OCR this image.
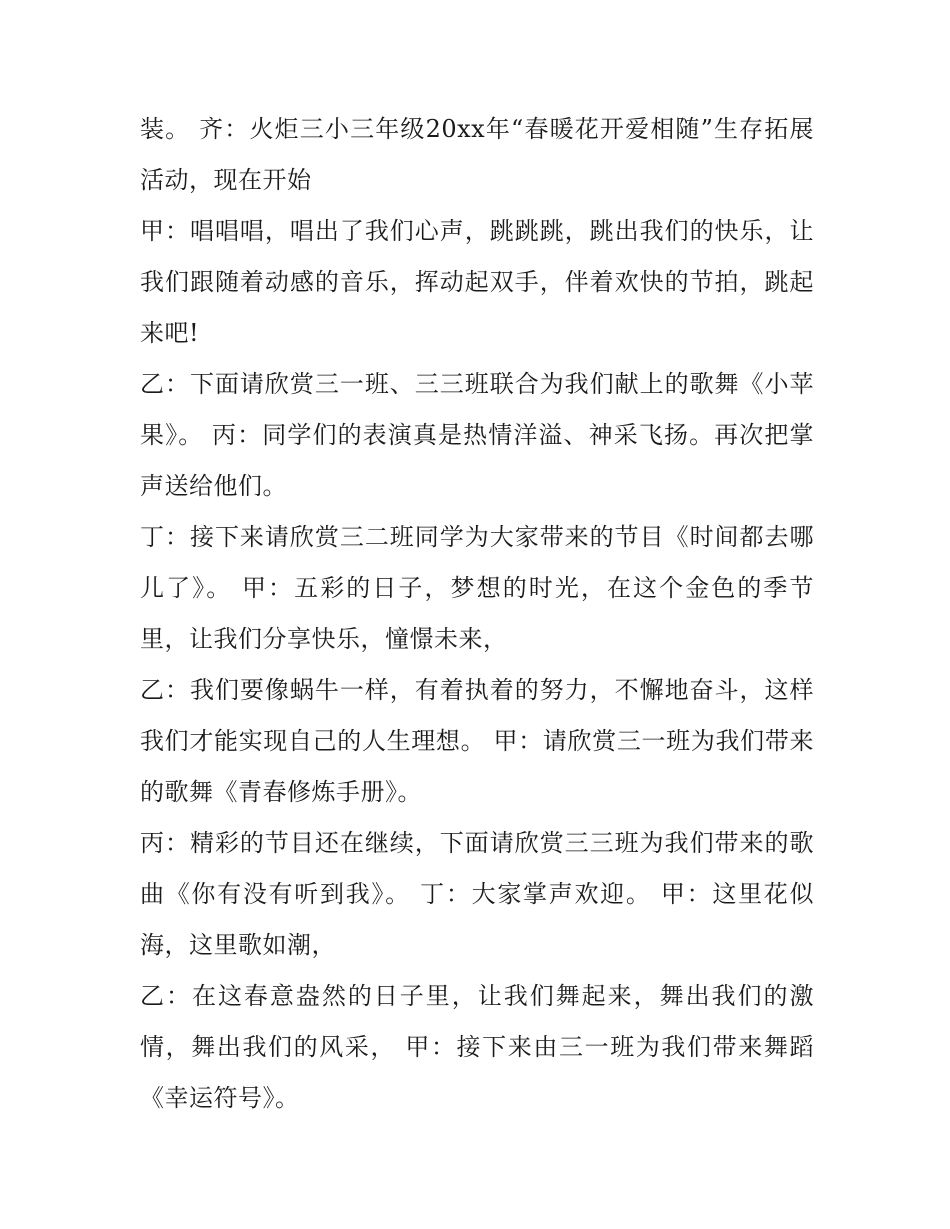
装。 齐：火炬三小三年级20xx年“春暖花开爱相随”生存拓展活动，现在开始

甲：唱唱唱，唱出了我们心声，跳跳跳，跳出我们的快乐，让我们跟随着动感的音乐，挥动起双手，伴着欢快的节拍，跳起来吧!

乙：下面请欣赏三一班、三三班联合为我们献上的歌舞《小苹果》。 丙：同学们的表演真是热情洋溢、神采飞扬。再次把掌声送给他们。

丁：接下来请欣赏三二班同学为大家带来的节目《时间都去哪儿了》。 甲：五彩的日子，梦想的时光，在这个金色的季节里，让我们分享快乐，憧憬未来，

乙：我们要像蜗牛一样，有着执着的努力，不懈地奋斗，这样我们才能实现自己的人生理想。 甲：请欣赏三一班为我们带来的歌舞《青春修炼手册》。

丙：精彩的节目还在继续，下面请欣赏三三班为我们带来的歌曲《你有没有听到我》。 丁：大家掌声欢迎。 甲：这里花似海，这里歌如潮，

乙：在这春意盎然的日子里，让我们舞起来，舞出我们的激情，舞出我们的风采， 甲：接下来由三一班为我们带来舞蹈《幸运符号》。
